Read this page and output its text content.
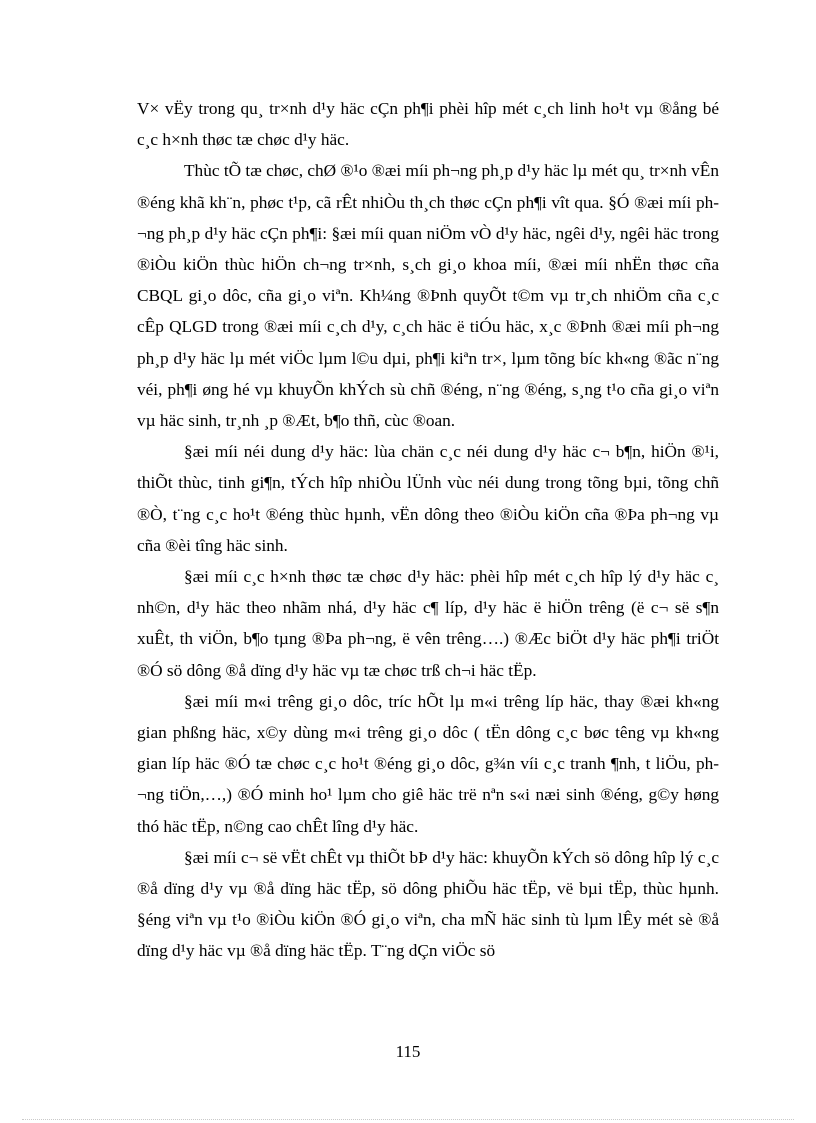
V× vËy trong qu¸ tr×nh d¹y häc cÇn ph¶i phèi hîp mét c¸ch linh ho¹t vµ ®ång bé c¸c h×nh thøc tæ chøc d¹y häc.

Thùc tÕ tæ chøc, chØ ®¹o ®æi míi ph¬ng ph¸p d¹y häc lµ mét qu¸ tr×nh vÊn ®éng khã kh¨n, phøc t¹p, cã rÊt nhiÒu th¸ch thøc cÇn ph¶i vît qua. §Ó ®æi míi ph¬ng ph¸p d¹y häc cÇn ph¶i: §æi míi quan niÖm vÒ d¹y häc, ngêi d¹y, ngêi häc trong ®iÒu kiÖn thùc hiÖn ch¬ng tr×nh, s¸ch gi¸o khoa míi, ®æi míi nhËn thøc cña CBQL gi¸o dôc, cña gi¸o viªn. Kh¼ng ®Þnh quyÕt t©m vµ tr¸ch nhiÖm cña c¸c cÊp QLGD trong ®æi míi c¸ch d¹y, c¸ch häc ë tiÓu häc, x¸c ®Þnh ®æi míi ph¬ng ph¸p d¹y häc lµ mét viÖc lµm l©u dµi, ph¶i kiªn tr×, lµm tõng bíc kh«ng ®ãc n¨ng véi, ph¶i øng hé vµ khuyÕn khÝch sù chñ ®éng, n¨ng ®éng, s¸ng t¹o cña gi¸o viªn vµ häc sinh, tr¸nh ¸p ®Æt, b¶o thñ, cùc ®oan.

§æi míi néi dung d¹y häc: lùa chän c¸c néi dung d¹y häc c¬ b¶n, hiÖn ®¹i, thiÕt thùc, tinh gi¶n, tÝch hîp nhiÒu lÜnh vùc néi dung trong tõng bµi, tõng chñ ®Ò, t¨ng c¸c ho¹t ®éng thùc hµnh, vËn dông theo ®iÒu kiÖn cña ®Þa ph¬ng vµ cña ®èi tîng häc sinh.

§æi míi c¸c h×nh thøc tæ chøc d¹y häc: phèi hîp mét c¸ch hîp lý d¹y häc c¸ nh©n, d¹y häc theo nhãm nhá, d¹y häc c¶ líp, d¹y häc ë hiÖn trêng (ë c¬ së s¶n xuÊt, th viÖn, b¶o tµng ®Þa ph¬ng, ë vên trêng….) ®Æc biÖt d¹y häc ph¶i triÖt ®Ó sö dông ®å dïng d¹y häc vµ tæ chøc trß ch¬i häc tËp.

§æi míi m«i trêng gi¸o dôc, tríc hÕt lµ m«i trêng líp häc, thay ®æi kh«ng gian phßng häc, x©y dùng m«i trêng gi¸o dôc ( tËn dông c¸c bøc têng vµ kh«ng gian líp häc ®Ó tæ chøc c¸c ho¹t ®éng gi¸o dôc, g¾n víi c¸c tranh ¶nh, t liÖu, ph¬ng tiÖn,…,) ®Ó minh ho¹ lµm cho giê häc trë nªn s«i næi sinh ®éng, g©y høng thó häc tËp, n©ng cao chÊt lîng d¹y häc.

§æi míi c¬ së vËt chÊt vµ thiÕt bÞ d¹y häc: khuyÕn kÝch sö dông hîp lý c¸c ®å dïng d¹y vµ ®å dïng häc tËp, sö dông phiÕu häc tËp, vë bµi tËp, thùc hµnh. §éng viªn vµ t¹o ®iÒu kiÖn ®Ó gi¸o viªn, cha mÑ häc sinh tù lµm lÊy mét sè ®å dïng d¹y häc vµ ®å dïng häc tËp. T¨ng dÇn viÖc sö

115
